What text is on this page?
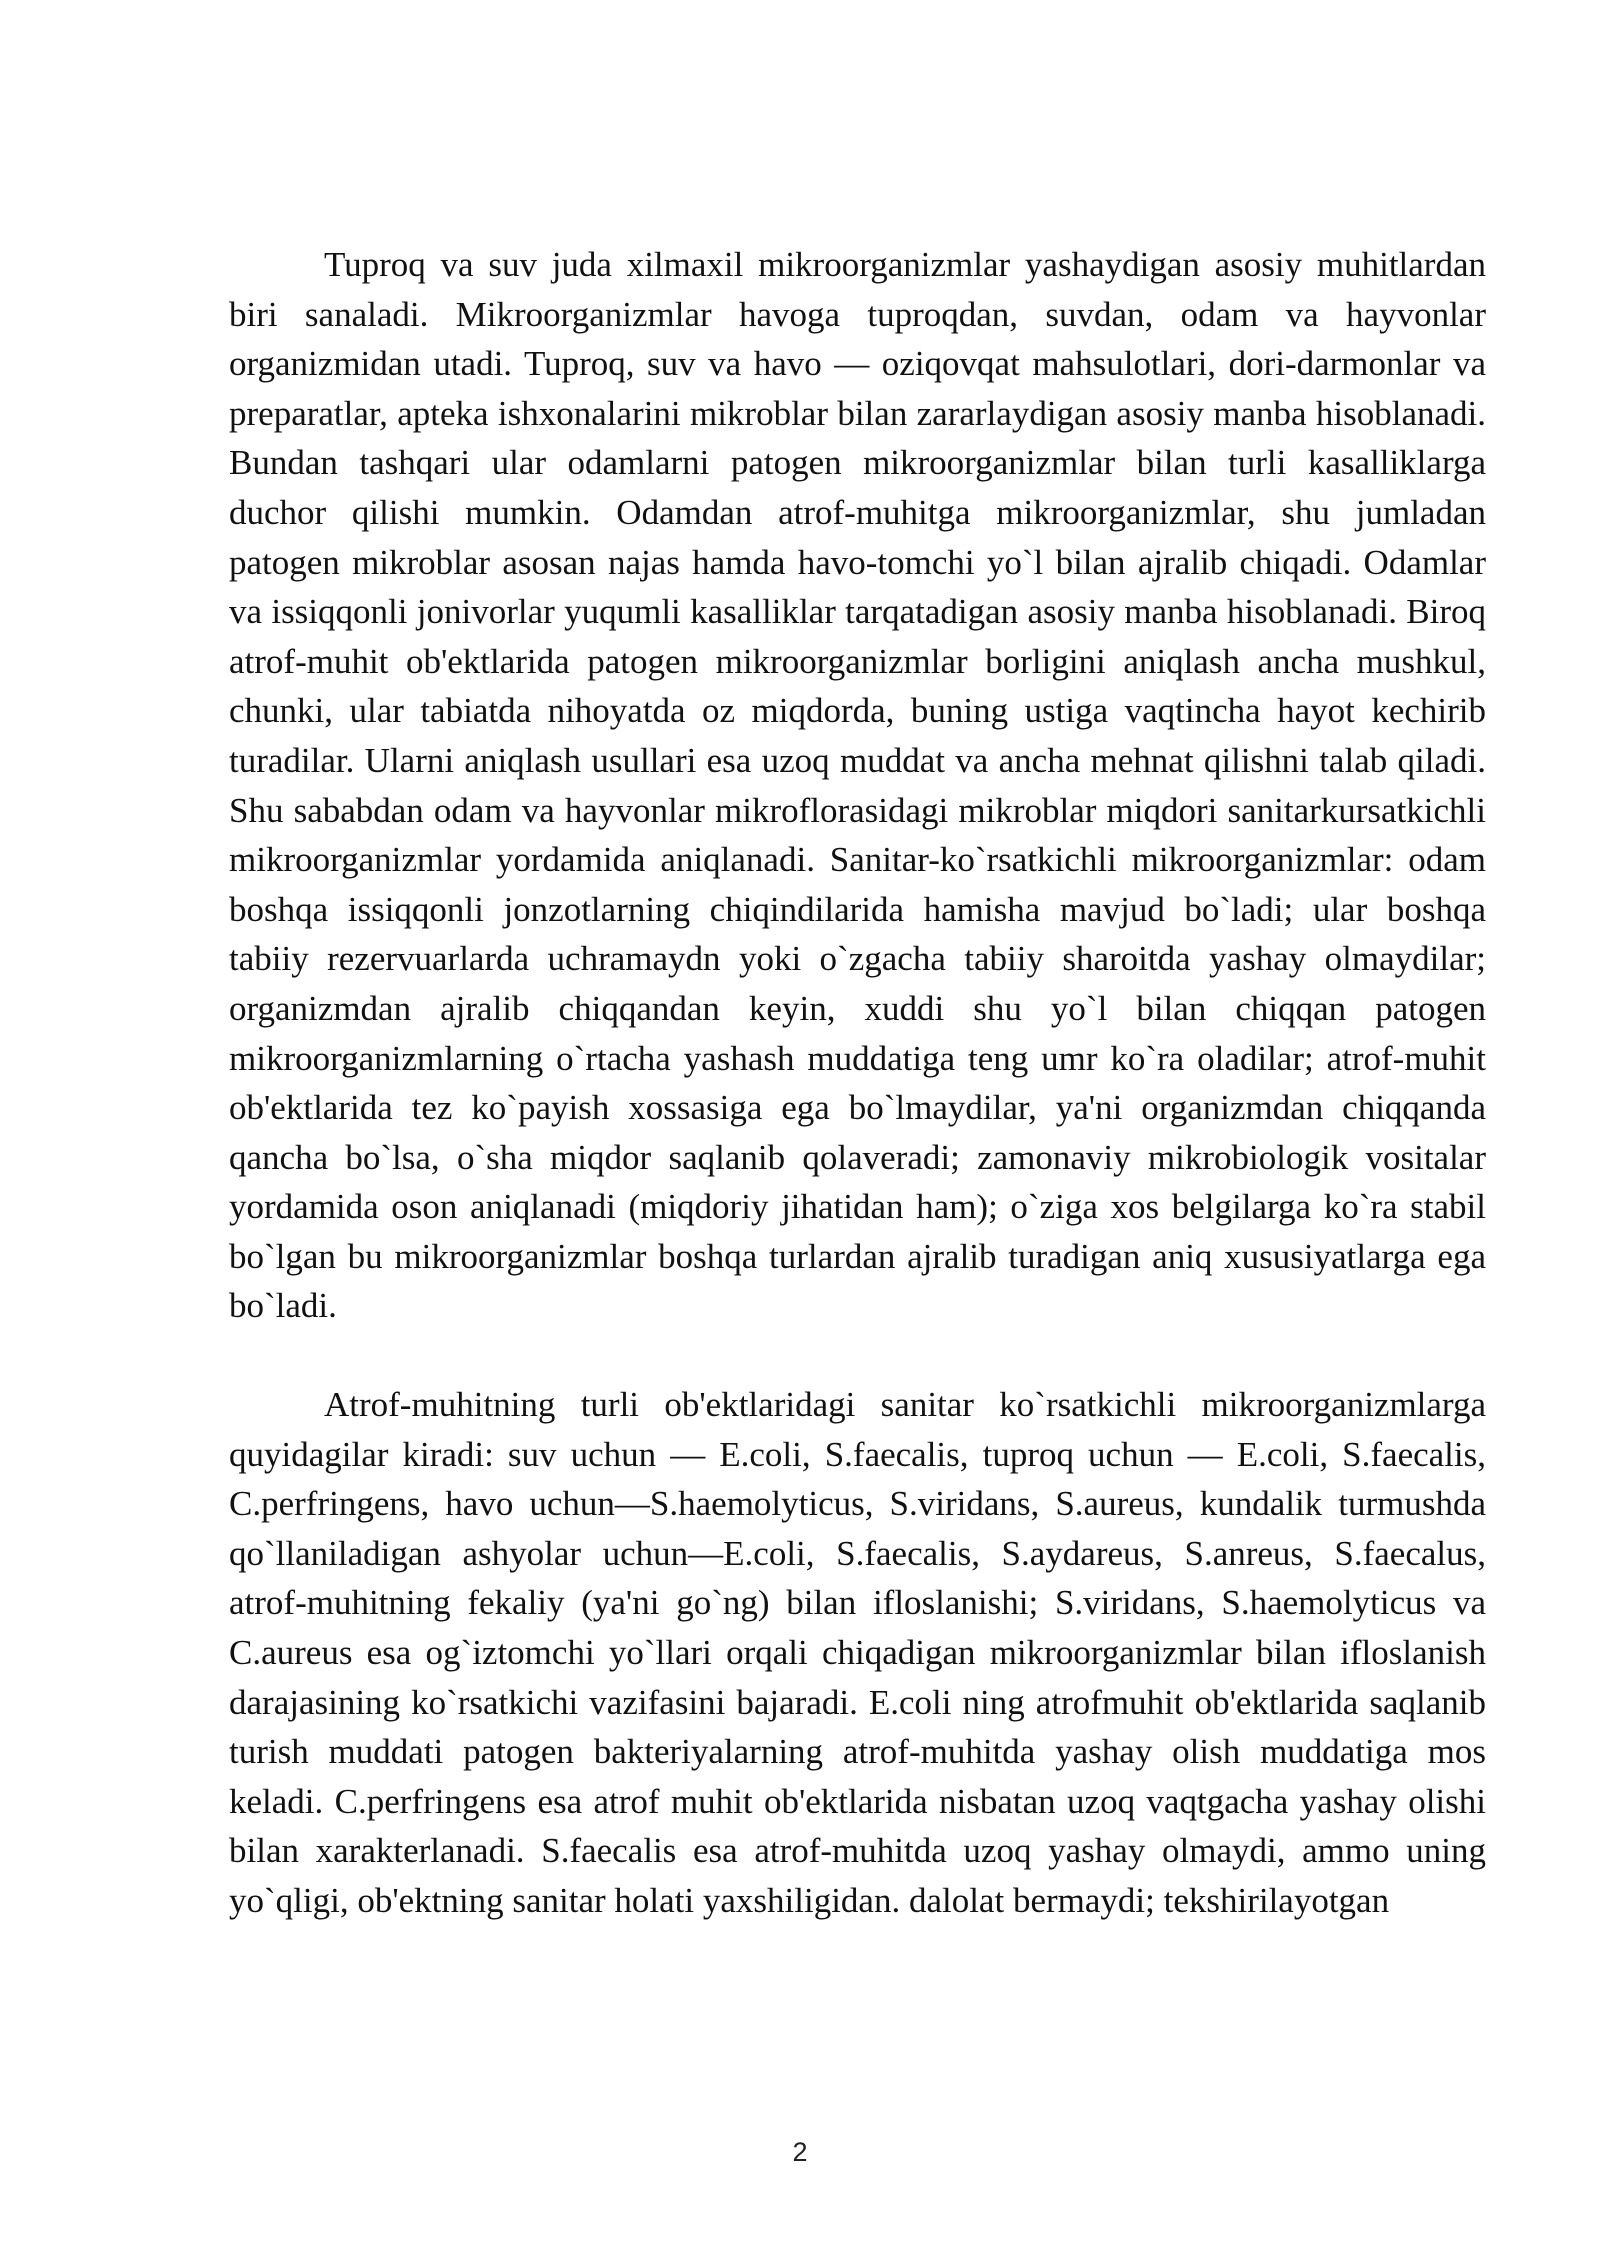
Tuproq va suv juda xilmaxil mikroorganizmlar yashaydigan asosiy muhitlardan biri sanaladi. Mikroorganizmlar havoga tuproqdan, suvdan, odam va hayvonlar organizmidan utadi. Tuproq, suv va havo — oziqovqat mahsulotlari, dori-darmonlar va preparatlar, apteka ishxonalarini mikroblar bilan zararlaydigan asosiy manba hisoblanadi. Bundan tashqari ular odamlarni patogen mikroorganizmlar bilan turli kasalliklarga duchor qilishi mumkin. Odamdan atrof-muhitga mikroorganizmlar, shu jumladan patogen mikroblar asosan najas hamda havo-tomchi yo`l bilan ajralib chiqadi. Odamlar va issiqqonli jonivorlar yuqumli kasalliklar tarqatadigan asosiy manba hisoblanadi. Biroq atrof-muhit ob'ektlarida patogen mikroorganizmlar borligini aniqlash ancha mushkul, chunki, ular tabiatda nihoyatda oz miqdorda, buning ustiga vaqtincha hayot kechirib turadilar. Ularni aniqlash usullari esa uzoq muddat va ancha mehnat qilishni talab qiladi. Shu sababdan odam va hayvonlar mikroflorasidagi mikroblar miqdori sanitarkursatkichli mikroorganizmlar yordamida aniqlanadi. Sanitar-ko`rsatkichli mikroorganizmlar: odam boshqa issiqqonli jonzotlarning chiqindilarida hamisha mavjud bo`ladi; ular boshqa tabiiy rezervuarlarda uchramaydn yoki o`zgacha tabiiy sharoitda yashay olmaydilar; organizmdan ajralib chiqqandan keyin, xuddi shu yo`l bilan chiqqan patogen mikroorganizmlarning o`rtacha yashash muddatiga teng umr ko`ra oladilar; atrof-muhit ob'ektlarida tez ko`payish xossasiga ega bo`lmaydilar, ya'ni organizmdan chiqqanda qancha bo`lsa, o`sha miqdor saqlanib qolaveradi; zamonaviy mikrobiologik vositalar yordamida oson aniqlanadi (miqdoriy jihatidan ham); o`ziga xos belgilarga ko`ra stabil bo`lgan bu mikroorganizmlar boshqa turlardan ajralib turadigan aniq xususiyatlarga ega bo`ladi.

Atrof-muhitning turli ob'ektlaridagi sanitar ko`rsatkichli mikroorganizmlarga quyidagilar kiradi: suv uchun — E.coli, S.faecalis, tuproq uchun — E.coli, S.faecalis, C.perfringens, havo uchun—S.haemolyticus, S.viridans, S.aureus, kundalik turmushda qo`llaniladigan ashyolar uchun—E.coli, S.faecalis, S.aydareus, S.anreus, S.faecalus, atrof-muhitning fekaliy (ya'ni go`ng) bilan ifloslanishi; S.viridans, S.haemolyticus va C.aureus esa og`iztomchi yo`llari orqali chiqadigan mikroorganizmlar bilan ifloslanish darajasining ko`rsatkichi vazifasini bajaradi. E.coli ning atrofmuhit ob'ektlarida saqlanib turish muddati patogen bakteriyalarning atrof-muhitda yashay olish muddatiga mos keladi. C.perfringens esa atrof muhit ob'ektlarida nisbatan uzoq vaqtgacha yashay olishi bilan xarakterlanadi. S.faecalis esa atrof-muhitda uzoq yashay olmaydi, ammo uning yo`qligi, ob'ektning sanitar holati yaxshiligidan. dalolat bermaydi; tekshirilayotgan

2
